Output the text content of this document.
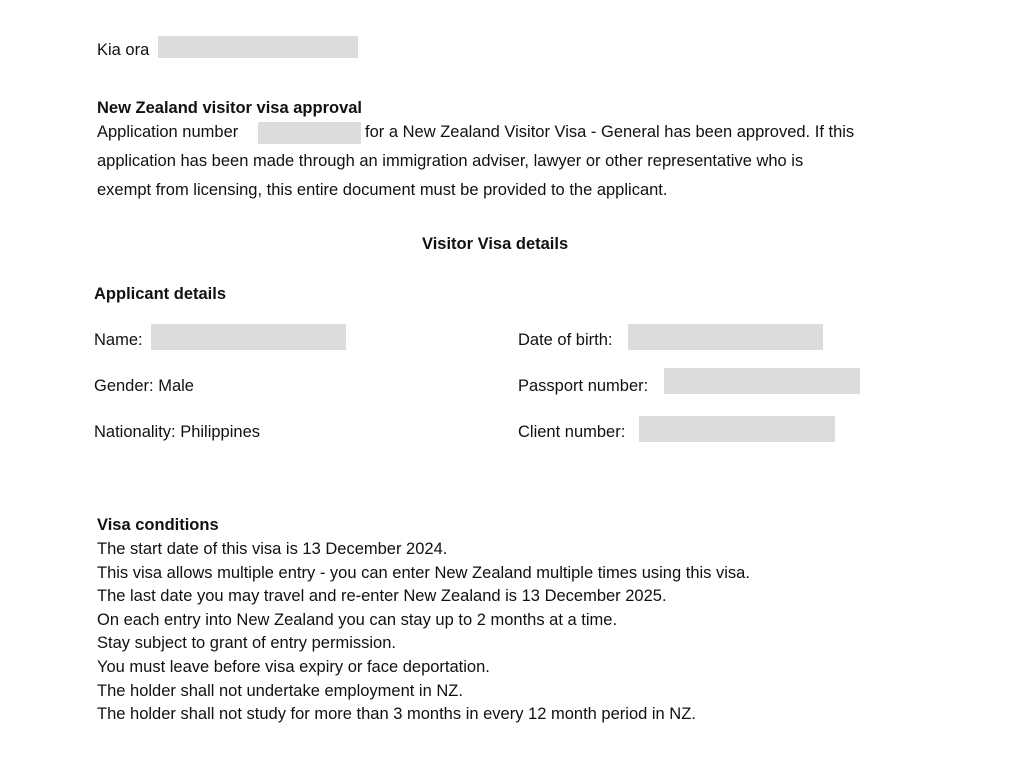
Kia ora
New Zealand visitor visa approval
Application number	for a New Zealand Visitor Visa - General has been approved. If this
application has been made through an immigration adviser, lawyer or other representative who is
exempt from licensing, this entire document must be provided to the applicant.
Visitor Visa details
Applicant details
Name:	Date of birth:
Gender: Male	Passport number:
Nationality: Philippines	Client number:
Visa conditions
The start date of this visa is 13 December 2024.
This visa allows multiple entry - you can enter New Zealand multiple times using this visa.
The last date you may travel and re-enter New Zealand is 13 December 2025.
On each entry into New Zealand you can stay up to 2 months at a time.
Stay subject to grant of entry permission.
You must leave before visa expiry or face deportation.
The holder shall not undertake employment in NZ.
The holder shall not study for more than 3 months in every 12 month period in NZ.
